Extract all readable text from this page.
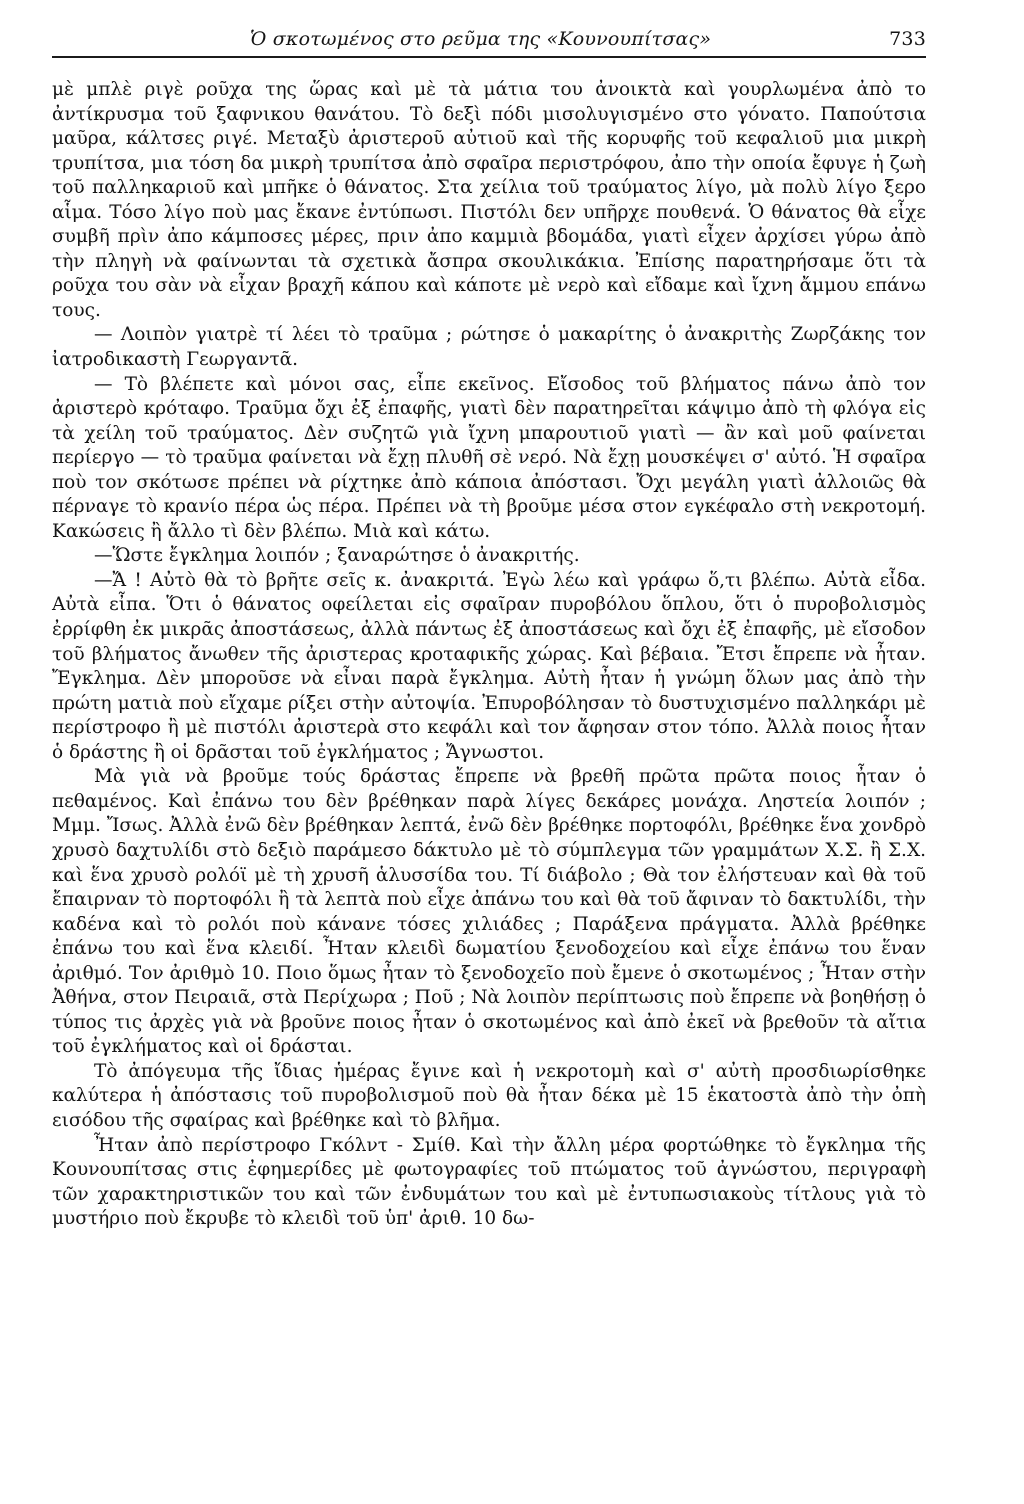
Ὁ σκοτωμένος στο ρεῦμα της «Κουνουπίτσας»	733

μὲ μπλὲ ριγὲ ροῦχα της ὥρας καὶ μὲ τὰ μάτια του ἀνοικτὰ καὶ γουρλωμένα ἀπὸ το ἀντίκρυσμα τοῦ ξαφνικου θανάτου. Τὸ δεξὶ πόδι μισολυγισμένο στο γόνατο. Παπούτσια μαῦρα, κάλτσες ριγέ. Μεταξὺ ἀριστεροῦ αὐτιοῦ καὶ τῆς κορυφῆς τοῦ κεφαλιοῦ μια μικρὴ τρυπίτσα, μια τόση δα μικρὴ τρυπίτσα ἀπὸ σφαῖρα περιστρόφου, ἀπο τὴν οποία ἔφυγε ἡ ζωὴ τοῦ παλληκαριοῦ καὶ μπῆκε ὁ θάνατος. Στα χείλια τοῦ τραύματος λίγο, μὰ πολὺ λίγο ξερο αἷμα. Τόσο λίγο ποὺ μας ἔκανε ἐντύπωσι. Πιστόλι δεν υπῆρχε πουθενά. Ὁ θάνατος θὰ εἶχε συμβῆ πρὶν ἀπο κάμποσες μέρες, πριν ἀπο καμμιὰ βδομάδα, γιατὶ εἶχεν ἀρχίσει γύρω ἀπὸ τὴν πληγὴ νὰ φαίνωνται τὰ σχετικὰ ἄσπρα σκουλικάκια. Ἐπίσης παρατηρήσαμε ὅτι τὰ ροῦχα του σὰν νὰ εἶχαν βραχῆ κάπου καὶ κάποτε μὲ νερὸ καὶ εἴδαμε καὶ ἴχνη ἄμμου επάνω τους.

— Λοιπὸν γιατρὲ τί λέει τὸ τραῦμα ; ρώτησε ὁ μακαρίτης ὁ ἀνακριτὴς Ζωρζάκης τον ἰατροδικαστὴ Γεωργαντᾶ.

— Τὸ βλέπετε καὶ μόνοι σας, εἶπε εκεῖνος. Εἴσοδος τοῦ βλήματος πάνω ἀπὸ τον ἀριστερὸ κρόταφο. Τραῦμα ὄχι ἐξ ἐπαφῆς, γιατὶ δὲν παρατηρεῖται κάψιμο ἀπὸ τὴ φλόγα εἰς τὰ χείλη τοῦ τραύματος. Δὲν συζητῶ γιὰ ἴχνη μπαρουτιοῦ γιατὶ — ἂν καὶ μοῦ φαίνεται περίεργο — τὸ τραῦμα φαίνεται νὰ ἔχῃ πλυθῆ σὲ νερό. Νὰ ἔχῃ μουσκέψει σ' αὐτό. Ἡ σφαῖρα ποὺ τον σκότωσε πρέπει νὰ ρίχτηκε ἀπὸ κάποια ἀπόστασι. Ὄχι μεγάλη γιατὶ ἀλλοιῶς θὰ πέρναγε τὸ κρανίο πέρα ὡς πέρα. Πρέπει νὰ τὴ βροῦμε μέσα στον εγκέφαλο στὴ νεκροτομή. Κακώσεις ἢ ἄλλο τὶ δὲν βλέπω. Μιὰ καὶ κάτω.

—Ὥστε ἔγκλημα λοιπόν ; ξαναρώτησε ὁ ἀνακριτής.

—Ἄ ! Αὐτὸ θὰ τὸ βρῆτε σεῖς κ. ἀνακριτά. Ἐγὼ λέω καὶ γράφω ὅ,τι βλέπω. Αὐτὰ εἶδα. Αὐτὰ εἶπα. Ὅτι ὁ θάνατος οφείλεται εἰς σφαῖραν πυροβόλου ὅπλου, ὅτι ὁ πυροβολισμὸς ἐρρίφθη ἐκ μικρᾶς ἀποστάσεως, ἀλλὰ πάντως ἐξ ἀποστάσεως καὶ ὄχι ἐξ ἐπαφῆς, μὲ εἴσοδον τοῦ βλήματος ἄνωθεν τῆς ἀριστερας κροταφικῆς χώρας. Καὶ βέβαια. Ἔτσι ἔπρεπε νὰ ἦταν. Ἔγκλημα. Δὲν μποροῦσε νὰ εἶναι παρὰ ἔγκλημα. Αὐτὴ ἦταν ἡ γνώμη ὅλων μας ἀπὸ τὴν πρώτη ματιὰ ποὺ εἴχαμε ρίξει στὴν αὐτοψία. Ἐπυροβόλησαν τὸ δυστυχισμένο παλληκάρι μὲ περίστροφο ἢ μὲ πιστόλι ἀριστερὰ στο κεφάλι καὶ τον ἄφησαν στον τόπο. Ἀλλὰ ποιος ἦταν ὁ δράστης ἢ οἱ δρᾶσται τοῦ ἐγκλήματος ; Ἄγνωστοι.

Μὰ γιὰ νὰ βροῦμε τούς δράστας ἔπρεπε νὰ βρεθῆ πρῶτα πρῶτα ποιος ἦταν ὁ πεθαμένος. Καὶ ἐπάνω του δὲν βρέθηκαν παρὰ λίγες δεκάρες μονάχα. Ληστεία λοιπόν ; Μμμ. Ἴσως. Ἀλλὰ ἐνῶ δὲν βρέθηκαν λεπτά, ἐνῶ δὲν βρέθηκε πορτοφόλι, βρέθηκε ἕνα χονδρὸ χρυσὸ δαχτυλίδι στὸ δεξιὸ παράμεσο δάκτυλο μὲ τὸ σύμπλεγμα τῶν γραμμάτων Χ.Σ. ἢ Σ.Χ. καὶ ἕνα χρυσὸ ρολόϊ μὲ τὴ χρυσῆ ἁλυσσίδα του. Τί διάβολο ; Θὰ τον ἐλήστευαν καὶ θὰ τοῦ ἔπαιρναν τὸ πορτοφόλι ἢ τὰ λεπτὰ ποὺ εἶχε ἀπάνω του καὶ θὰ τοῦ ἄφιναν τὸ δακτυλίδι, τὴν καδένα καὶ τὸ ρολόι ποὺ κάνανε τόσες χιλιάδες ; Παράξενα πράγματα. Ἀλλὰ βρέθηκε ἐπάνω του καὶ ἕνα κλειδί. Ἦταν κλειδὶ δωματίου ξενοδοχείου καὶ εἶχε ἐπάνω του ἕναν ἀριθμό. Τον ἀριθμὸ 10. Ποιο ὅμως ἦταν τὸ ξενοδοχεῖο ποὺ ἔμενε ὁ σκοτωμένος ; Ἦταν στὴν Ἀθήνα, στον Πειραιᾶ, στὰ Περίχωρα ; Ποῦ ; Νὰ λοιπὸν περίπτωσις ποὺ ἔπρεπε νὰ βοηθήσῃ ὁ τύπος τις ἀρχὲς γιὰ νὰ βροῦνε ποιος ἦταν ὁ σκοτωμένος καὶ ἀπὸ ἐκεῖ νὰ βρεθοῦν τὰ αἴτια τοῦ ἐγκλήματος καὶ οἱ δράσται.

Τὸ ἀπόγευμα τῆς ἴδιας ἡμέρας ἔγινε καὶ ἡ νεκροτομὴ καὶ σ' αὐτὴ προσδιωρίσθηκε καλύτερα ἡ ἀπόστασις τοῦ πυροβολισμοῦ ποὺ θὰ ἦταν δέκα μὲ 15 ἑκατοστὰ ἀπὸ τὴν ὀπὴ εισόδου τῆς σφαίρας καὶ βρέθηκε καὶ τὸ βλῆμα.

Ἦταν ἀπὸ περίστροφο Γκόλντ - Σμίθ. Καὶ τὴν ἄλλη μέρα φορτώθηκε τὸ ἔγκλημα τῆς Κουνουπίτσας στις ἐφημερίδες μὲ φωτογραφίες τοῦ πτώματος τοῦ ἀγνώστου, περιγραφὴ τῶν χαρακτηριστικῶν του καὶ τῶν ἐνδυμάτων του καὶ μὲ ἐντυπωσιακοὺς τίτλους γιὰ τὸ μυστήριο ποὺ ἔκρυβε τὸ κλειδὶ τοῦ ὑπ' ἀριθ. 10 δω-
